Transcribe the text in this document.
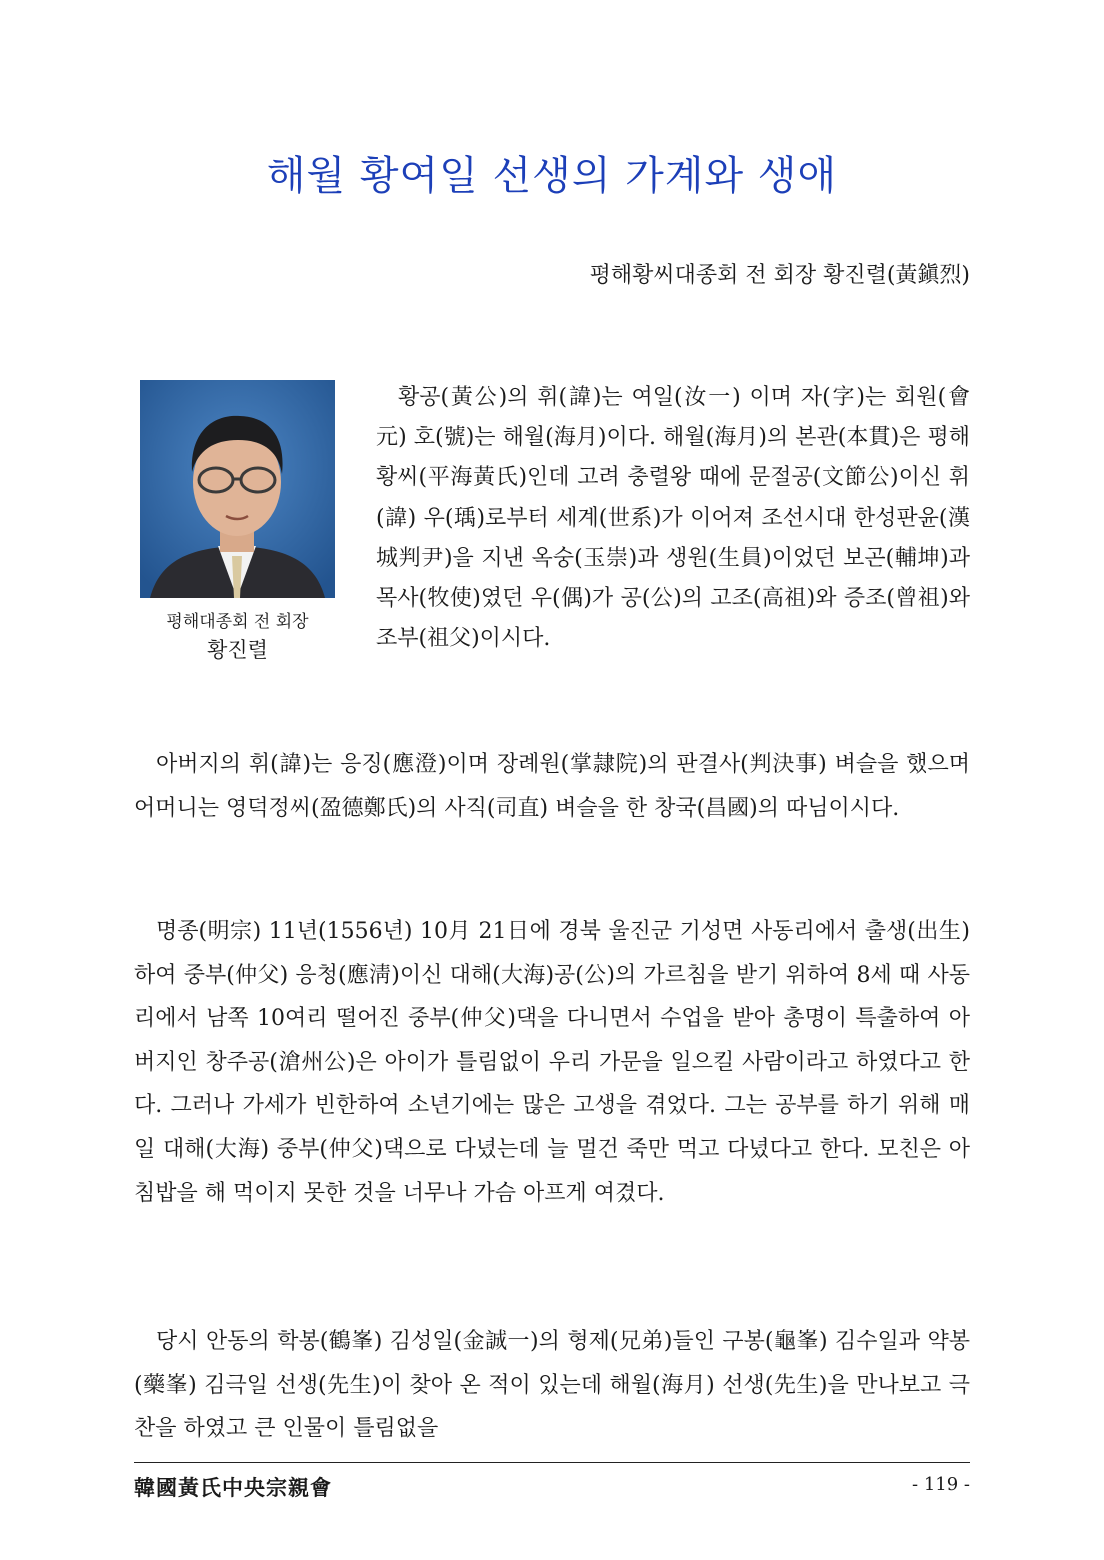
해월 황여일 선생의 가계와 생애

평해황씨대종회 전 회장 황진렬(黃鎭烈)

평해대종회 전 회장
황진렬

황공(黃公)의 휘(諱)는 여일(汝一) 이며 자(字)는 회원(會元) 호(號)는 해월(海月)이다. 해월(海月)의 본관(本貫)은 평해황씨(平海黃氏)인데 고려 충렬왕 때에 문절공(文節公)이신 휘(諱) 우(瑀)로부터 세계(世系)가 이어져 조선시대 한성판윤(漢城判尹)을 지낸 옥숭(玉崇)과 생원(生員)이었던 보곤(輔坤)과 목사(牧使)였던 우(偶)가 공(公)의 고조(高祖)와 증조(曾祖)와 조부(祖父)이시다.

아버지의 휘(諱)는 응징(應澄)이며 장례원(掌隷院)의 판결사(判決事) 벼슬을 했으며 어머니는 영덕정씨(盈德鄭氏)의 사직(司直) 벼슬을 한 창국(昌國)의 따님이시다.

명종(明宗) 11년(1556년) 10月 21日에 경북 울진군 기성면 사동리에서 출생(出生)하여 중부(仲父) 응청(應淸)이신 대해(大海)공(公)의 가르침을 받기 위하여 8세 때 사동리에서 남쪽 10여리 떨어진 중부(仲父)댁을 다니면서 수업을 받아 총명이 특출하여 아버지인 창주공(滄州公)은 아이가 틀림없이 우리 가문을 일으킬 사람이라고 하였다고 한다. 그러나 가세가 빈한하여 소년기에는 많은 고생을 겪었다. 그는 공부를 하기 위해 매일 대해(大海) 중부(仲父)댁으로 다녔는데 늘 멀건 죽만 먹고 다녔다고 한다. 모친은 아침밥을 해 먹이지 못한 것을 너무나 가슴 아프게 여겼다.

당시 안동의 학봉(鶴峯) 김성일(金誠一)의 형제(兄弟)들인 구봉(龜峯) 김수일과 약봉(藥峯) 김극일 선생(先生)이 찾아 온 적이 있는데 해월(海月) 선생(先生)을 만나보고 극찬을 하였고 큰 인물이 틀림없을

韓國黃氏中央宗親會	- 119 -
